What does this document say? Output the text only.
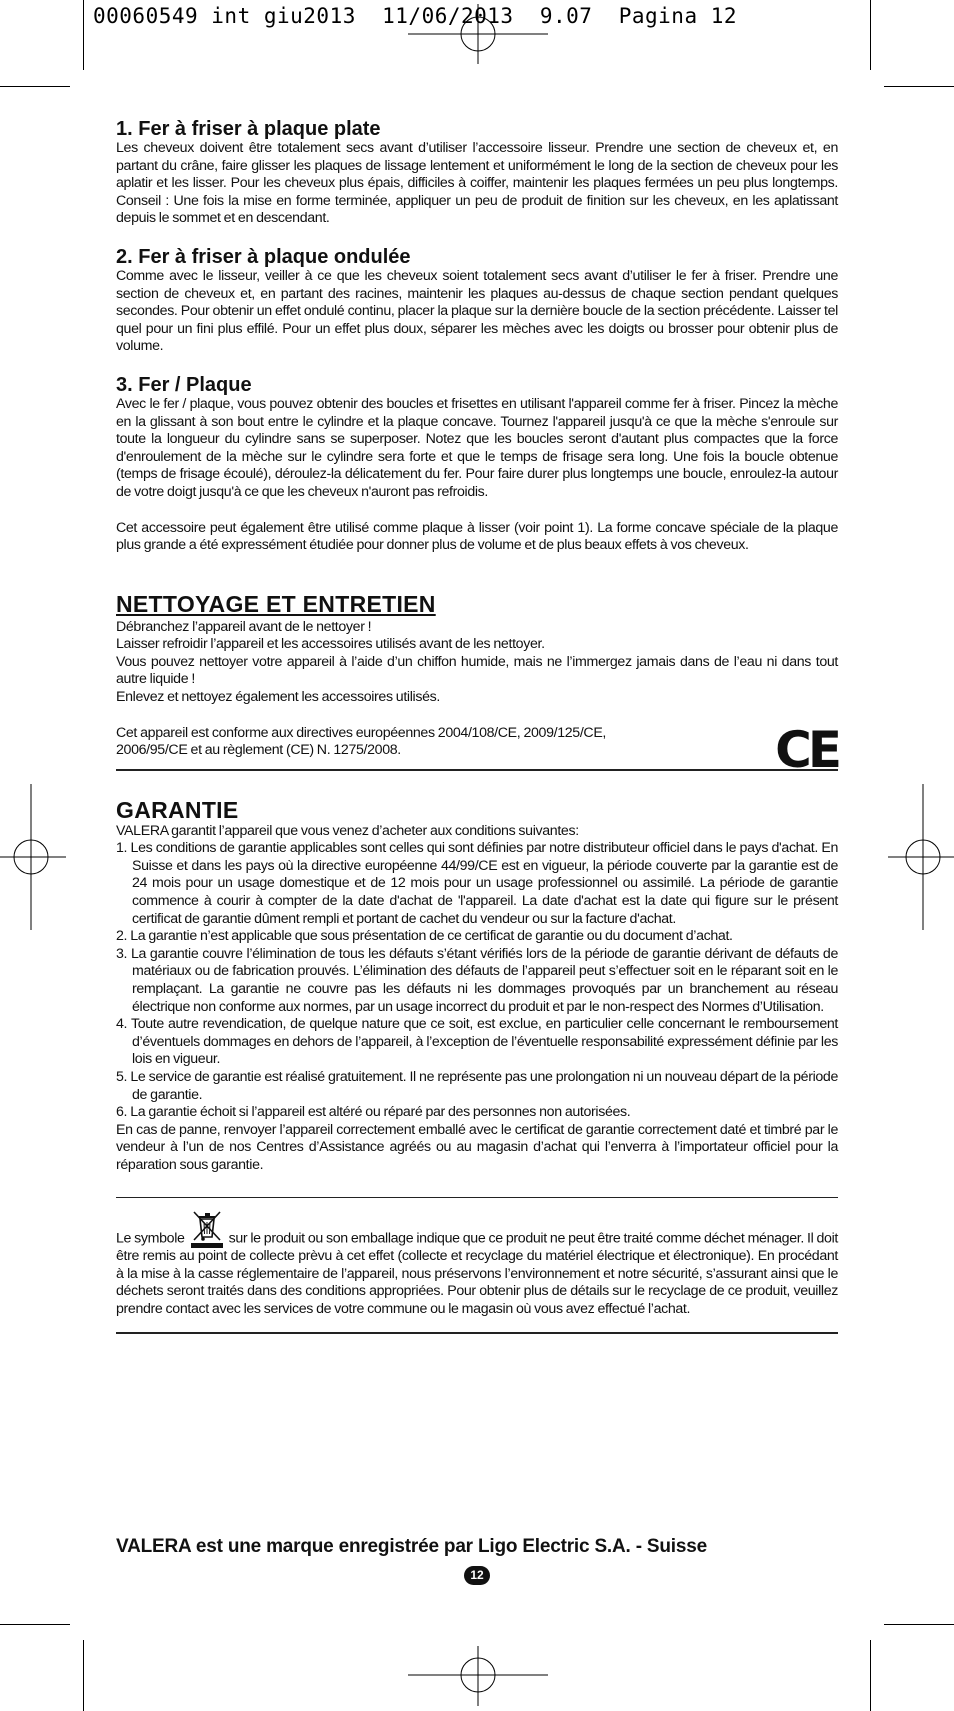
00060549 int giu2013  11/06/2013  9.07  Pagina 12
1. Fer à friser à plaque plate

Les cheveux doivent être totalement secs avant d’utiliser l’accessoire lisseur. Prendre une section de cheveux et, en partant du crâne, faire glisser les plaques de lissage lentement et uniformément le long de la section de cheveux pour les aplatir et les lisser. Pour les cheveux plus épais, difficiles à coiffer, maintenir les plaques fermées un peu plus longtemps. Conseil : Une fois la mise en forme terminée, appliquer un peu de produit de finition sur les cheveux, en les aplatissant depuis le sommet et en descendant.

2. Fer à friser à plaque ondulée

Comme avec le lisseur, veiller à ce que les cheveux soient totalement secs avant d’utiliser le fer à friser. Prendre une section de cheveux et, en partant des racines, maintenir les plaques au-dessus de chaque section pendant quelques secondes. Pour obtenir un effet ondulé continu, placer la plaque sur la dernière boucle de la section précédente. Laisser tel quel pour un fini plus effilé. Pour un effet plus doux, séparer les mèches avec les doigts ou brosser pour obtenir plus de volume.

3. Fer / Plaque

Avec le fer / plaque, vous pouvez obtenir des boucles et frisettes en utilisant l'appareil comme fer à friser. Pincez la mèche en la glissant à son bout entre le cylindre et la plaque concave. Tournez l'appareil jusqu'à ce que la mèche s'enroule sur toute la longueur du cylindre sans se superposer. Notez que les boucles seront d'autant plus compactes que la force d'enroulement de la mèche sur le cylindre sera forte et que le temps de frisage sera long. Une fois la boucle obtenue (temps de frisage écoulé), déroulez-la délicatement du fer. Pour faire durer plus longtemps une boucle, enroulez-la autour de votre doigt jusqu'à ce que les cheveux n'auront pas refroidis.

Cet accessoire peut également être utilisé comme plaque à lisser (voir point 1). La forme concave spéciale de la plaque plus grande a été expressément étudiée pour donner plus de volume et de plus beaux effets à vos cheveux.

NETTOYAGE ET ENTRETIEN

Débranchez l’appareil avant de le nettoyer !

Laisser refroidir l’appareil et les accessoires utilisés avant de les nettoyer.

Vous pouvez nettoyer votre appareil à l’aide d’un chiffon humide, mais ne l’immergez jamais dans de l’eau ni dans tout autre liquide !

Enlevez et nettoyez également les accessoires utilisés.

Cet appareil est conforme aux directives européennes 2004/108/CE, 2009/125/CE,
2006/95/CE et au règlement (CE) N. 1275/2008.	CE
GARANTIE

VALERA garantit l’appareil que vous venez d’acheter aux conditions suivantes:

1. Les conditions de garantie applicables sont celles qui sont définies par notre distributeur officiel dans le pays d'achat. En Suisse et dans les pays où la directive européenne 44/99/CE est en vigueur, la période couverte par la garantie est de 24 mois pour un usage domestique et de 12 mois pour un usage professionnel ou assimilé. La période de garantie commence à courir à compter de la date d'achat de 'l'appareil. La date d'achat est la date qui figure sur le présent certificat de garantie dûment rempli et portant de cachet du vendeur ou sur la facture d'achat.
2. La garantie n’est applicable que sous présentation de ce certificat de garantie ou du document d’achat.
3. La garantie couvre l’élimination de tous les défauts s’étant vérifiés lors de la période de garantie dérivant de défauts de matériaux ou de fabrication prouvés. L’élimination des défauts de l’appareil peut s’effectuer soit en le réparant soit en le remplaçant. La garantie ne couvre pas les défauts ni les dommages provoqués par un branchement au réseau électrique non conforme aux normes, par un usage incorrect du produit et par le non-respect des Normes d’Utilisation.
4. Toute autre revendication, de quelque nature que ce soit, est exclue, en particulier celle concernant le remboursement d’éventuels dommages en dehors de l’appareil, à l’exception de l’éventuelle responsabilité expressément définie par les lois en vigueur.
5. Le service de garantie est réalisé gratuitement. Il ne représente pas une prolongation ni un nouveau départ de la période de garantie.
6. La garantie échoit si l’appareil est altéré ou réparé par des personnes non autorisées.

En cas de panne, renvoyer l’appareil correctement emballé avec le certificat de garantie correctement daté et timbré par le vendeur à l’un de nos Centres d’Assistance agréés ou au magasin d’achat qui l’enverra à l’importateur officiel pour la réparation sous garantie.

Le symbole	sur le produit ou son emballage indique que ce produit ne peut être traité comme déchet ménager. Il doit être remis au point de collecte prèvu à cet effet (collecte et recyclage du matériel électrique et électronique). En procédant à la mise à la casse réglementaire de l’appareil, nous préservons l’environnement et notre sécurité, s’assurant ainsi que le déchets seront traités dans des conditions appropriées. Pour obtenir plus de détails sur le recyclage de ce produit, veuillez prendre contact avec les services de votre commune ou le magasin où vous avez effectué l’achat.

VALERA est une marque enregistrée par Ligo Electric S.A. - Suisse
12
